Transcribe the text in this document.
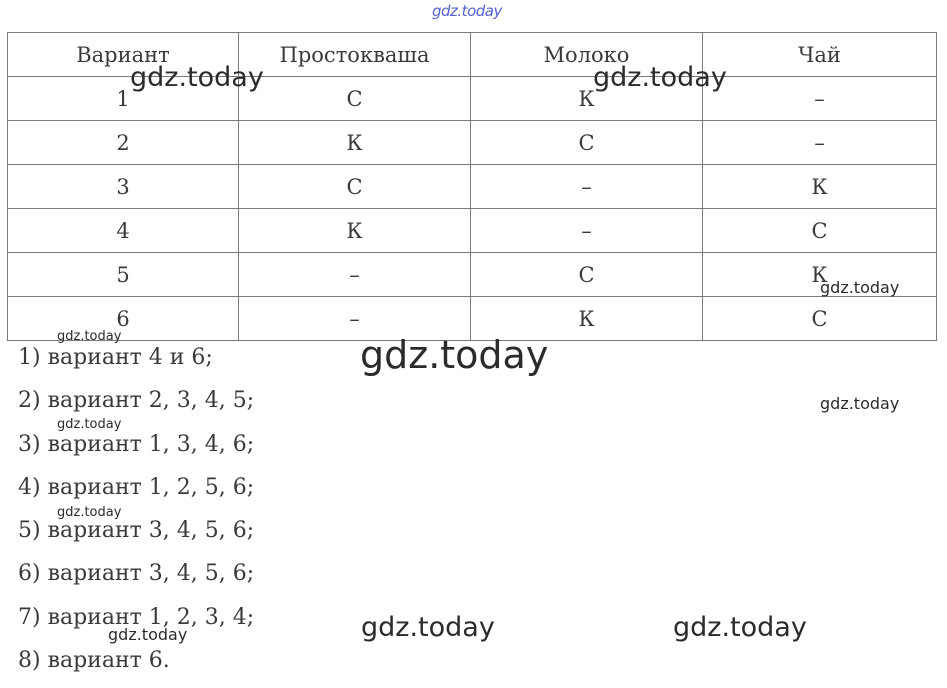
gdz.today
Вариант	Простокваша	Молоко	Чай
1	С	К	–
2	К	С	–
3	С	–	К
4	К	–	С
5	–	С	К
6	–	К	С
1) вариант 4 и 6;
2) вариант 2, 3, 4, 5;
3) вариант 1, 3, 4, 6;
4) вариант 1, 2, 5, 6;
5) вариант 3, 4, 5, 6;
6) вариант 3, 4, 5, 6;
7) вариант 1, 2, 3, 4;
8) вариант 6.
gdz.today	gdz.today
gdz.today
gdz.today	gdz.today
gdz.today
gdz.today
gdz.today
gdz.today	gdz.today
gdz.today
